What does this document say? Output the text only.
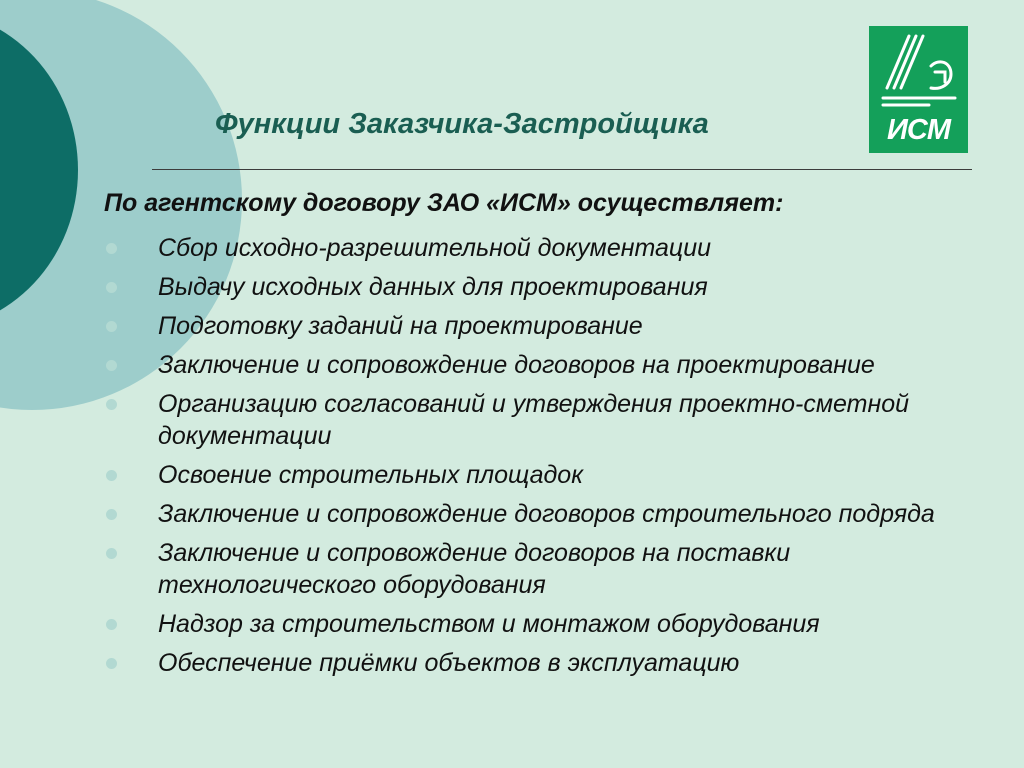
Функции Заказчика-Застройщика	ИСМ
По агентскому договору ЗАО «ИСМ» осуществляет:
Сбор исходно-разрешительной документации
Выдачу исходных данных для проектирования
Подготовку заданий на проектирование
Заключение и сопровождение договоров на проектирование
Организацию согласований и утверждения проектно-сметной документации
Освоение строительных площадок
Заключение и сопровождение договоров строительного подряда
Заключение и сопровождение договоров на поставки технологического оборудования
Надзор за строительством и монтажом оборудования
Обеспечение приёмки объектов в эксплуатацию
